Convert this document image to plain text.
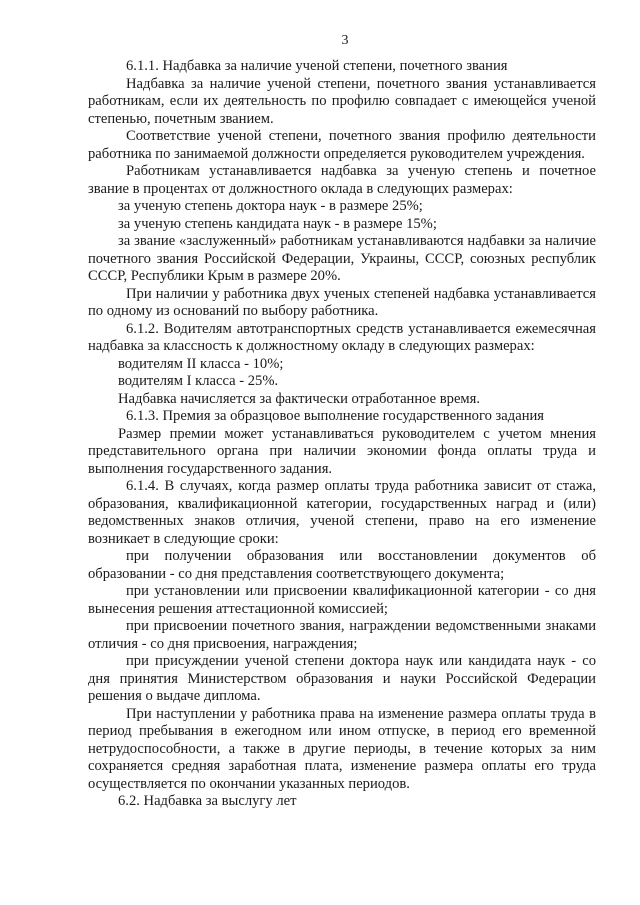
3

6.1.1. Надбавка за наличие ученой степени, почетного звания

Надбавка за наличие ученой степени, почетного звания устанавливается работникам, если их деятельность по профилю совпадает с имеющейся ученой степенью, почетным званием.

Соответствие ученой степени, почетного звания профилю деятельности работника по занимаемой должности определяется руководителем учреждения.

Работникам устанавливается надбавка за ученую степень и почетное звание в процентах от должностного оклада в следующих размерах:

за ученую степень доктора наук - в размере 25%;

за ученую степень кандидата наук - в размере 15%;

за звание «заслуженный» работникам устанавливаются надбавки за наличие почетного звания Российской Федерации, Украины, СССР, союзных республик СССР, Республики Крым в размере 20%.

При наличии у работника двух ученых степеней надбавка устанавливается по одному из оснований по выбору работника.

6.1.2. Водителям автотранспортных средств устанавливается ежемесячная надбавка за классность к должностному окладу в следующих размерах:

водителям II класса - 10%;

водителям I класса - 25%.

Надбавка начисляется за фактически отработанное время.

6.1.3. Премия за образцовое выполнение государственного задания

Размер премии может устанавливаться руководителем с учетом мнения представительного органа при наличии экономии фонда оплаты труда и выполнения государственного задания.

6.1.4. В случаях, когда размер оплаты труда работника зависит от стажа, образования, квалификационной категории, государственных наград и (или) ведомственных знаков отличия, ученой степени, право на его изменение возникает в следующие сроки:

при получении образования или восстановлении документов об образовании - со дня представления соответствующего документа;

при установлении или присвоении квалификационной категории - со дня вынесения решения аттестационной комиссией;

при присвоении почетного звания, награждении ведомственными знаками отличия - со дня присвоения, награждения;

при присуждении ученой степени доктора наук или кандидата наук - со дня принятия Министерством образования и науки Российской Федерации решения о выдаче диплома.

При наступлении у работника права на изменение размера оплаты труда в период пребывания в ежегодном или ином отпуске, в период его временной нетрудоспособности, а также в другие периоды, в течение которых за ним сохраняется средняя заработная плата, изменение размера оплаты его труда осуществляется по окончании указанных периодов.

6.2. Надбавка за выслугу лет
